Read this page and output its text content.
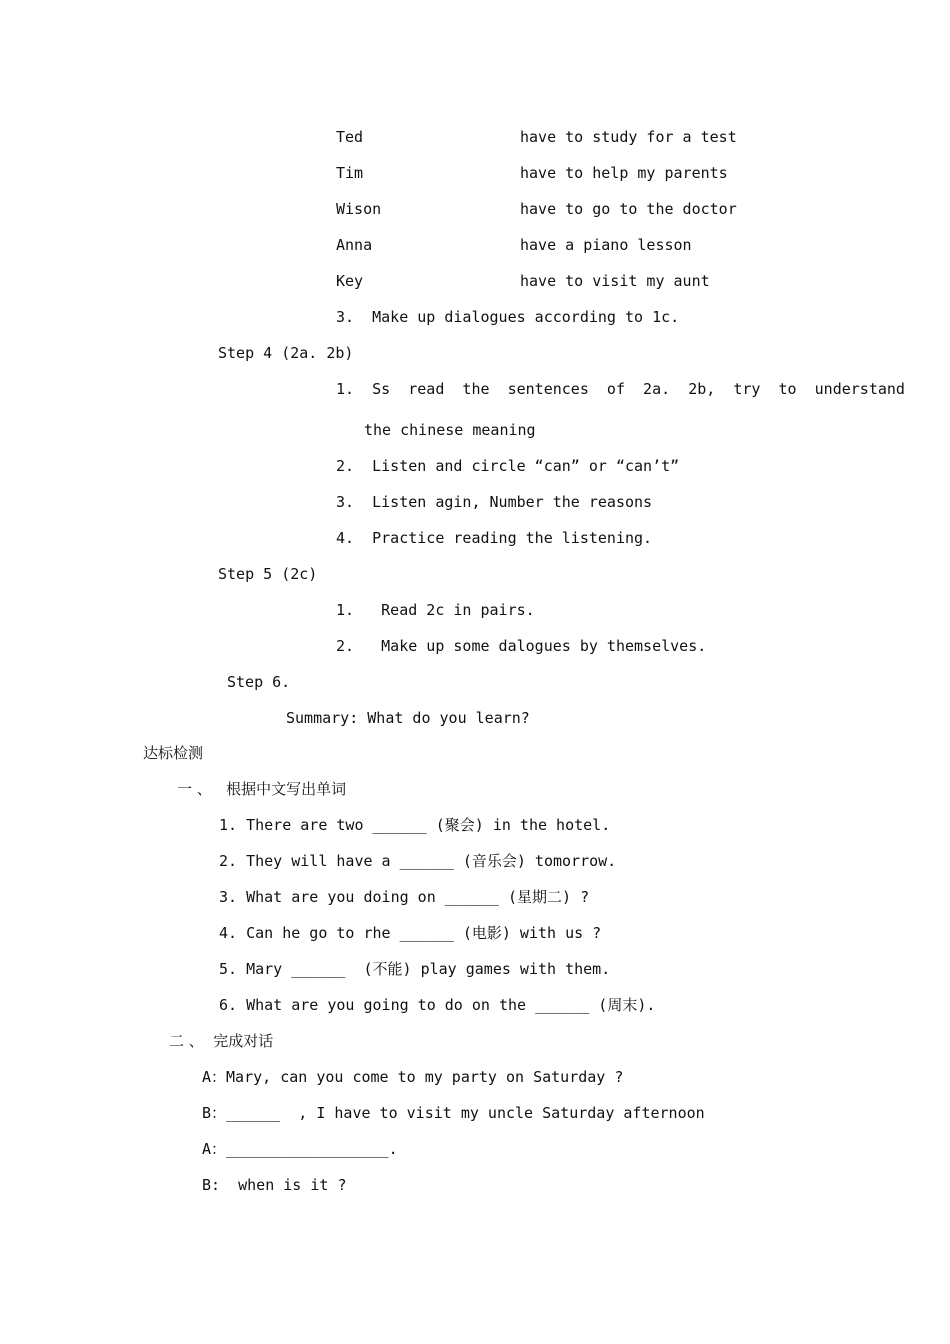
Ted	have to study for a test
Tim	have to help my parents
Wison	have to go to the doctor
Anna	have a piano lesson
Key	have to visit my aunt
3.  Make up dialogues according to 1c.
Step 4 (2a. 2b)
1.  Ss  read  the  sentences  of  2a.  2b,  try  to  understand
the chinese meaning
2.  Listen and circle “can” or “can’t”
3.  Listen agin, Number the reasons
4.  Practice reading the listening.
Step 5 (2c)
1.   Read 2c in pairs.
2.   Make up some dalogues by themselves.
Step 6.
Summary: What do you learn?
达标检测
一 、   根据中文写出单词
1. There are two ______ (聚会) in the hotel.
2. They will have a ______ (音乐会) tomorrow.
3. What are you doing on ______ (星期二) ?
4. Can he go to rhe ______ (电影) with us ?
5. Mary ______  (不能) play games with them.
6. What are you going to do on the ______ (周末).
二 、  完成对话
A：Mary, can you come to my party on Saturday ?
B：______  , I have to visit my uncle Saturday afternoon
A：__________________.
B:  when is it ?
